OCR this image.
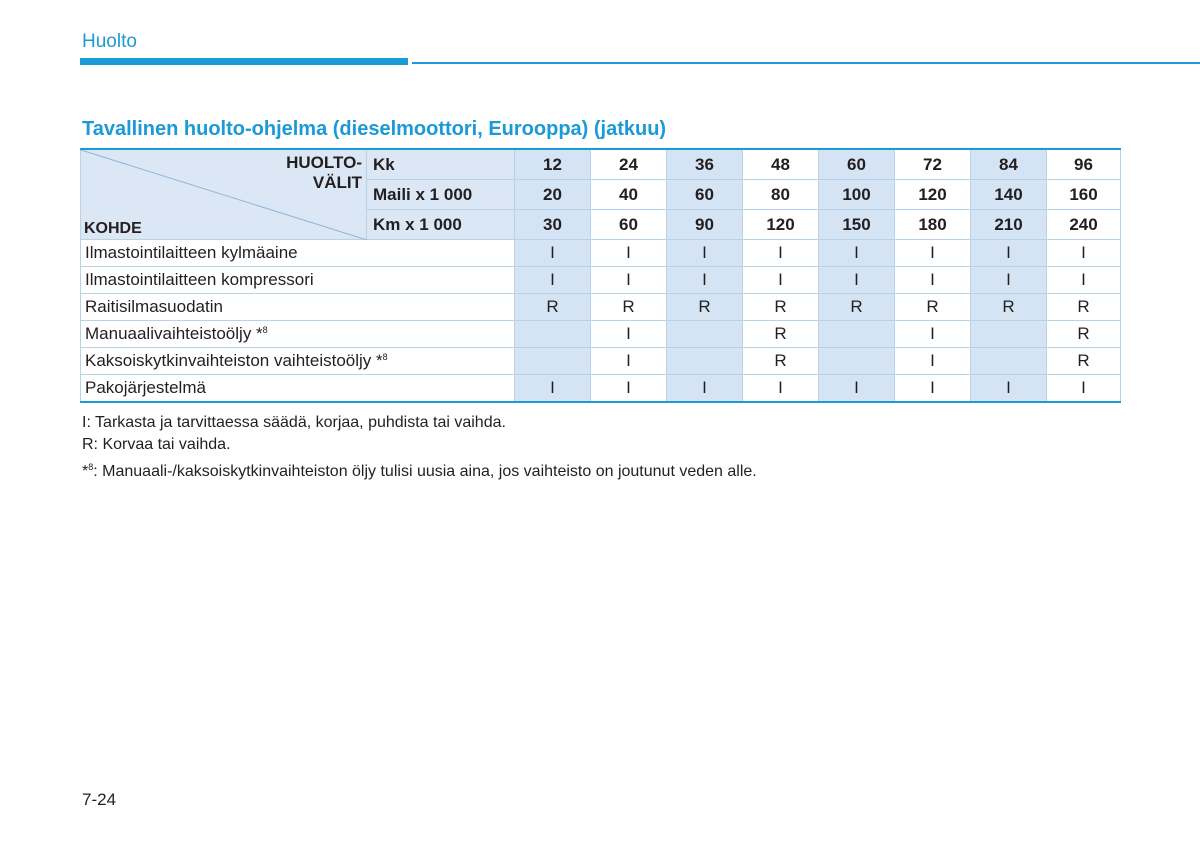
Huolto
Tavallinen huolto-ohjelma (dieselmoottori, Eurooppa) (jatkuu)
HUOLTO-
VÄLIT
KOHDE	Kk	12	24	36	48	60	72	84	96
	Maili x 1 000	20	40	60	80	100	120	140	160
	Km x 1 000	30	60	90	120	150	180	210	240
Ilmastointilaitteen kylmäaine		I	I	I	I	I	I	I	I
Ilmastointilaitteen kompressori		I	I	I	I	I	I	I	I
Raitisilmasuodatin		R	R	R	R	R	R	R	R
Manuaalivaihteistoöljy *$^8$			I		R		I		R
Kaksoiskytkinvaihteiston vaihteistoöljy *$^8$			I		R		I		R
Pakojärjestelmä		I	I	I	I	I	I	I	I

I: Tarkasta ja tarvittaessa säädä, korjaa, puhdista tai vaihda.

R: Korvaa tai vaihda.

*$^8$: Manuaali-/kaksoiskytkinvaihteiston öljy tulisi uusia aina, jos vaihteisto on joutunut veden alle.

7-24
